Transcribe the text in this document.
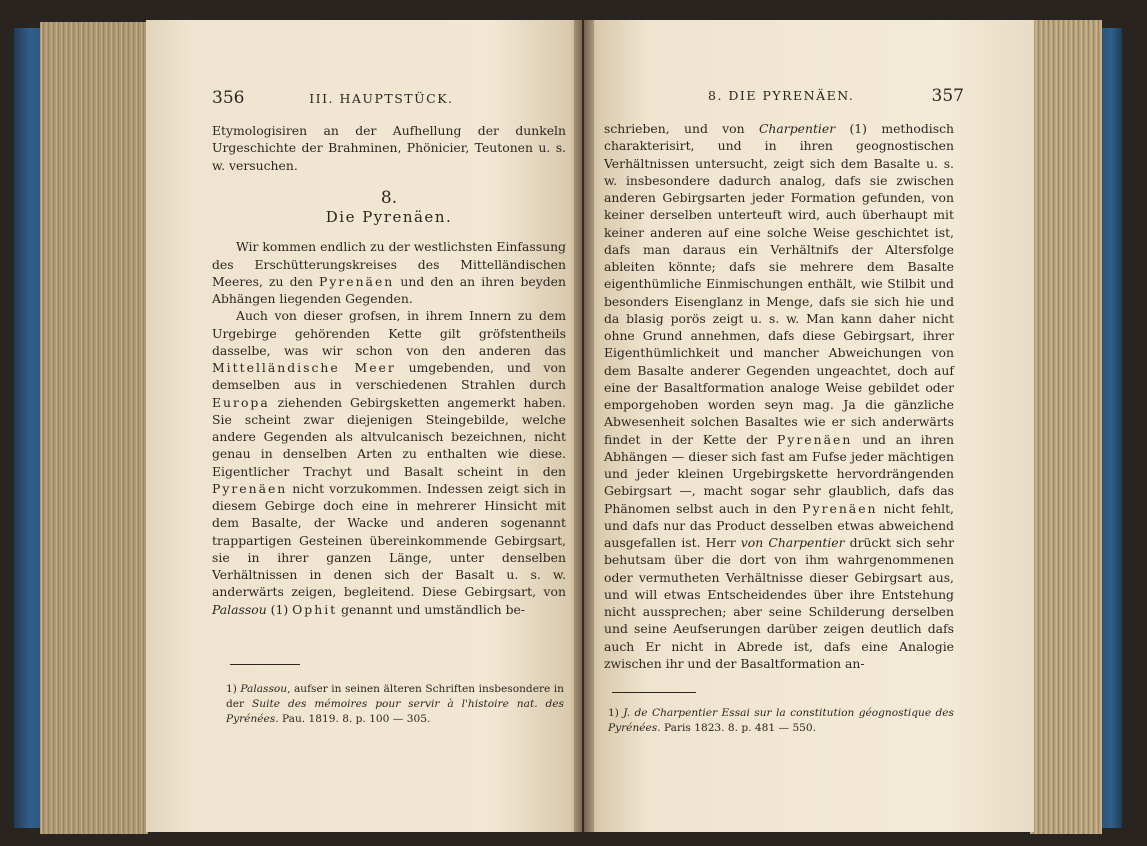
356	III. HAUPTSTÜCK.

Etymologisiren an der Aufhellung der dunkeln Urgeschichte der Brahminen, Phönicier, Teutonen u. s. w. versuchen.

8.
Die Pyrenäen.

Wir kommen endlich zu der westlichsten Einfassung des Erschütterungskreises des Mittelländischen Meeres, zu den Pyrenäen und den an ihren beyden Abhängen liegenden Gegenden.

Auch von dieser grofsen, in ihrem Innern zu dem Urgebirge gehörenden Kette gilt gröfstentheils dasselbe, was wir schon von den anderen das Mittelländische Meer umgebenden, und von demselben aus in verschiedenen Strahlen durch Europa ziehenden Gebirgsketten angemerkt haben. Sie scheint zwar diejenigen Steingebilde, welche andere Gegenden als altvulcanisch bezeichnen, nicht genau in denselben Arten zu enthalten wie diese. Eigentlicher Trachyt und Basalt scheint in den Pyrenäen nicht vorzukommen. Indessen zeigt sich in diesem Gebirge doch eine in mehrerer Hinsicht mit dem Basalte, der Wacke und anderen sogenannt trappartigen Gesteinen übereinkommende Gebirgsart, sie in ihrer ganzen Länge, unter denselben Verhältnissen in denen sich der Basalt u. s. w. anderwärts zeigen, begleitend. Diese Gebirgsart, von Palassou (1) Ophit genannt und umständlich be-

1) Palassou, aufser in seinen älteren Schriften insbesondere in der Suite des mémoires pour servir à l'histoire nat. des Pyrénées. Pau. 1819. 8. p. 100 — 305.
8. DIE PYRENÄEN.	357

schrieben, und von Charpentier (1) methodisch charakterisirt, und in ihren geognostischen Verhältnissen untersucht, zeigt sich dem Basalte u. s. w. insbesondere dadurch analog, dafs sie zwischen anderen Gebirgsarten jeder Formation gefunden, von keiner derselben unterteuft wird, auch überhaupt mit keiner anderen auf eine solche Weise geschichtet ist, dafs man daraus ein Verhältnifs der Altersfolge ableiten könnte; dafs sie mehrere dem Basalte eigenthümliche Einmischungen enthält, wie Stilbit und besonders Eisenglanz in Menge, dafs sie sich hie und da blasig porös zeigt u. s. w. Man kann daher nicht ohne Grund annehmen, dafs diese Gebirgsart, ihrer Eigenthümlichkeit und mancher Abweichungen von dem Basalte anderer Gegenden ungeachtet, doch auf eine der Basaltformation analoge Weise gebildet oder emporgehoben worden seyn mag. Ja die gänzliche Abwesenheit solchen Basaltes wie er sich anderwärts findet in der Kette der Pyrenäen und an ihren Abhängen — dieser sich fast am Fufse jeder mächtigen und jeder kleinen Urgebirgskette hervordrängenden Gebirgsart —, macht sogar sehr glaublich, dafs das Phänomen selbst auch in den Pyrenäen nicht fehlt, und dafs nur das Product desselben etwas abweichend ausgefallen ist. Herr von Charpentier drückt sich sehr behutsam über die dort von ihm wahrgenommenen oder vermutheten Verhältnisse dieser Gebirgsart aus, und will etwas Entscheidendes über ihre Entstehung nicht aussprechen; aber seine Schilderung derselben und seine Aeufserungen darüber zeigen deutlich dafs auch Er nicht in Abrede ist, dafs eine Analogie zwischen ihr und der Basaltformation an-

1) J. de Charpentier Essai sur la constitution géognostique des Pyrénées. Paris 1823. 8. p. 481 — 550.
